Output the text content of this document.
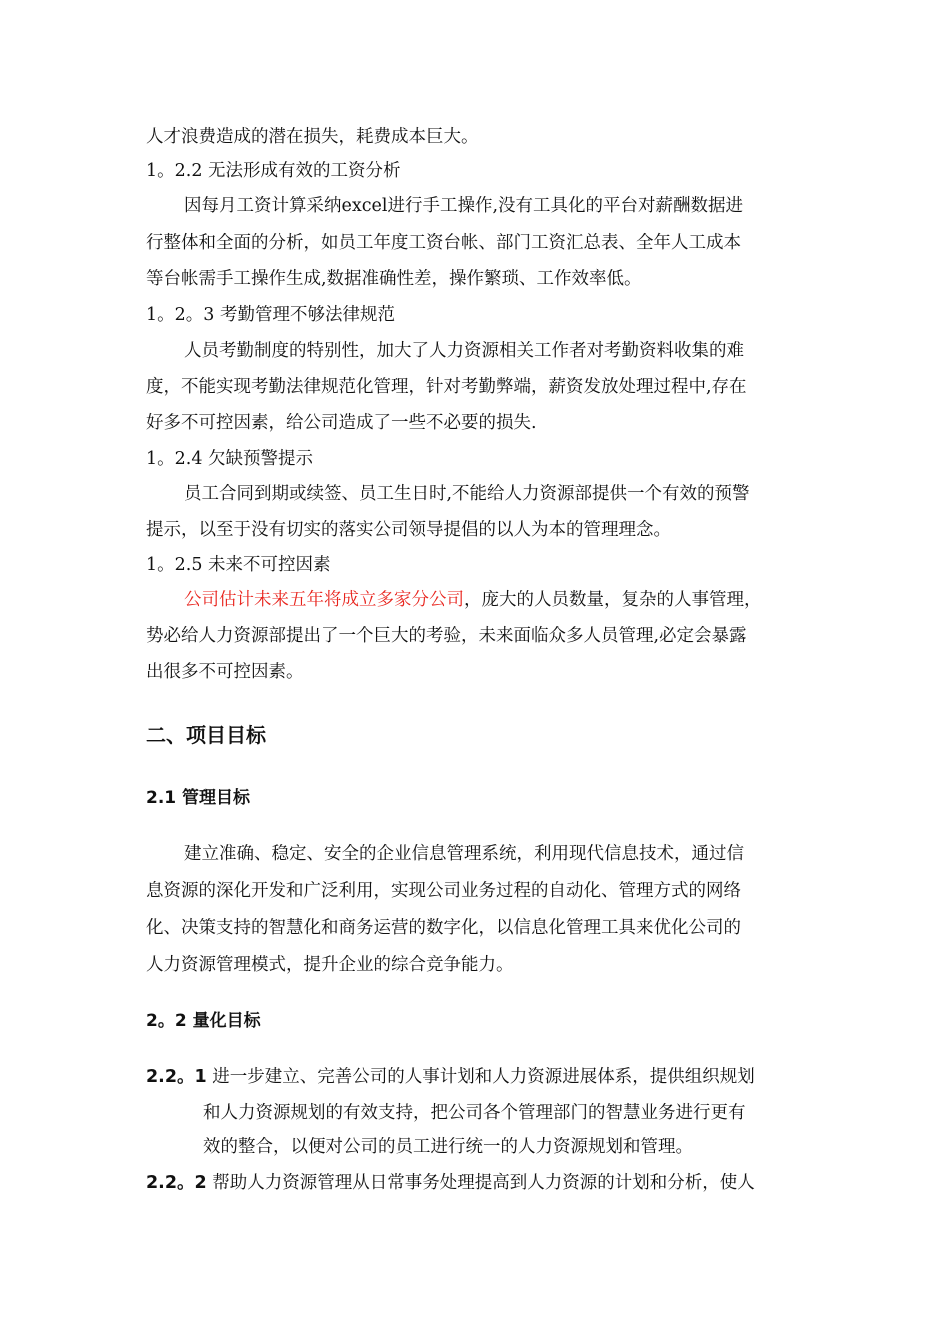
人才浪费造成的潜在损失，耗费成本巨大。
1。2.2 无法形成有效的工资分析
因每月工资计算采纳excel进行手工操作,没有工具化的平台对薪酬数据进
行整体和全面的分析，如员工年度工资台帐、部门工资汇总表、全年人工成本
等台帐需手工操作生成,数据准确性差，操作繁琐、工作效率低。
1。2。3 考勤管理不够法律规范
人员考勤制度的特别性，加大了人力资源相关工作者对考勤资料收集的难
度，不能实现考勤法律规范化管理，针对考勤弊端，薪资发放处理过程中,存在
好多不可控因素，给公司造成了一些不必要的损失.
1。2.4 欠缺预警提示
员工合同到期或续签、员工生日时,不能给人力资源部提供一个有效的预警
提示，以至于没有切实的落实公司领导提倡的以人为本的管理理念。
1。2.5 未来不可控因素
公司估计未来五年将成立多家分公司，庞大的人员数量，复杂的人事管理，
势必给人力资源部提出了一个巨大的考验，未来面临众多人员管理,必定会暴露
出很多不可控因素。
二、项目目标
2.1 管理目标
建立准确、稳定、安全的企业信息管理系统，利用现代信息技术，通过信
息资源的深化开发和广泛利用，实现公司业务过程的自动化、管理方式的网络
化、决策支持的智慧化和商务运营的数字化，以信息化管理工具来优化公司的
人力资源管理模式，提升企业的综合竞争能力。
2。2 量化目标
2.2。1 进一步建立、完善公司的人事计划和人力资源进展体系，提供组织规划
和人力资源规划的有效支持，把公司各个管理部门的智慧业务进行更有
效的整合，以便对公司的员工进行统一的人力资源规划和管理。
2.2。2 帮助人力资源管理从日常事务处理提高到人力资源的计划和分析，使人
